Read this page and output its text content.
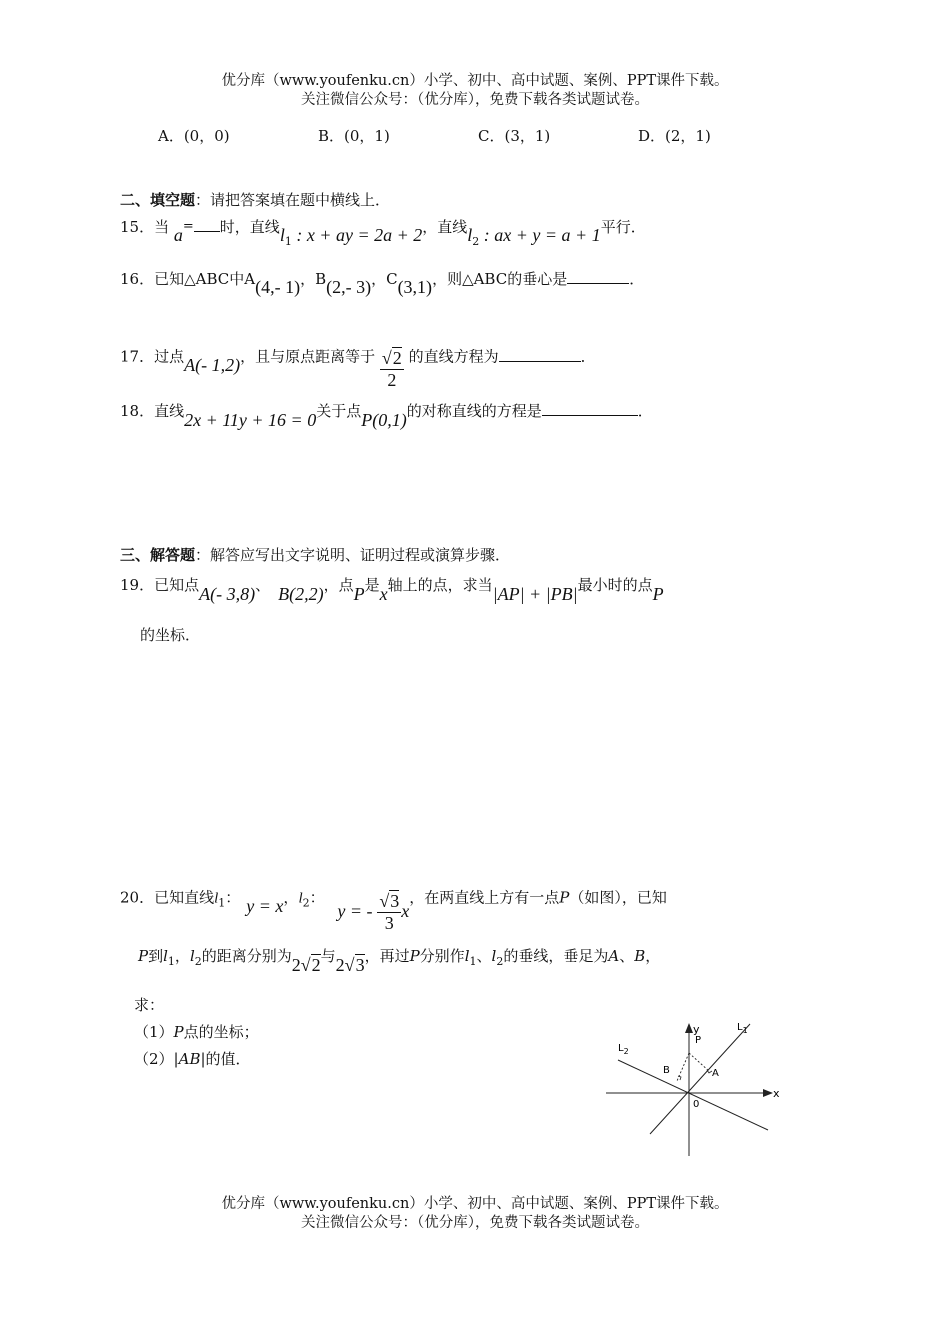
优分库（www.youfenku.cn）小学、初中、高中试题、案例、PPT课件下载。
关注微信公众号：（优分库），免费下载各类试题试卷。
A．(0，0)	B．(0，1)	C．(3，1)	D．(2，1)
二、填空题：请把答案填在题中横线上．
15．当 a= 时，直线$l_1$ : x + ay = 2a + 2，直线$l_2$ : ax + y = a + 1平行．
16．已知△ABC中A(4,- 1)，B(2,- 3)，C(3,1)，则△ABC的垂心是	．
17．过点A(- 1,2)，且与原点距离等于 $\frac{√2}{2}$ 的直线方程为	．
18．直线2x + 11y + 16 = 0关于点P(0,1)的对称直线的方程是	．
三、解答题：解答应写出文字说明、证明过程或演算步骤．
19．已知点A(- 3,8)、 B(2,2)，点P是x轴上的点，求当|AP| + |PB|最小时的点P
的坐标．
20．已知直线$l_1$： y = x，$l_2$： y = - $\frac{√3}{3}$ x，在两直线上方有一点P（如图），已知
P到$l_1$，$l_2$的距离分别为2√2与2√3，再过P分别作$l_1$、$l_2$的垂线，垂足为A、B，
求：
（1）P点的坐标；
（2）|AB|的值．
y
x
0
$L_1$
$L_2$
P
A
B
优分库（www.youfenku.cn）小学、初中、高中试题、案例、PPT课件下载。
关注微信公众号：（优分库），免费下载各类试题试卷。
